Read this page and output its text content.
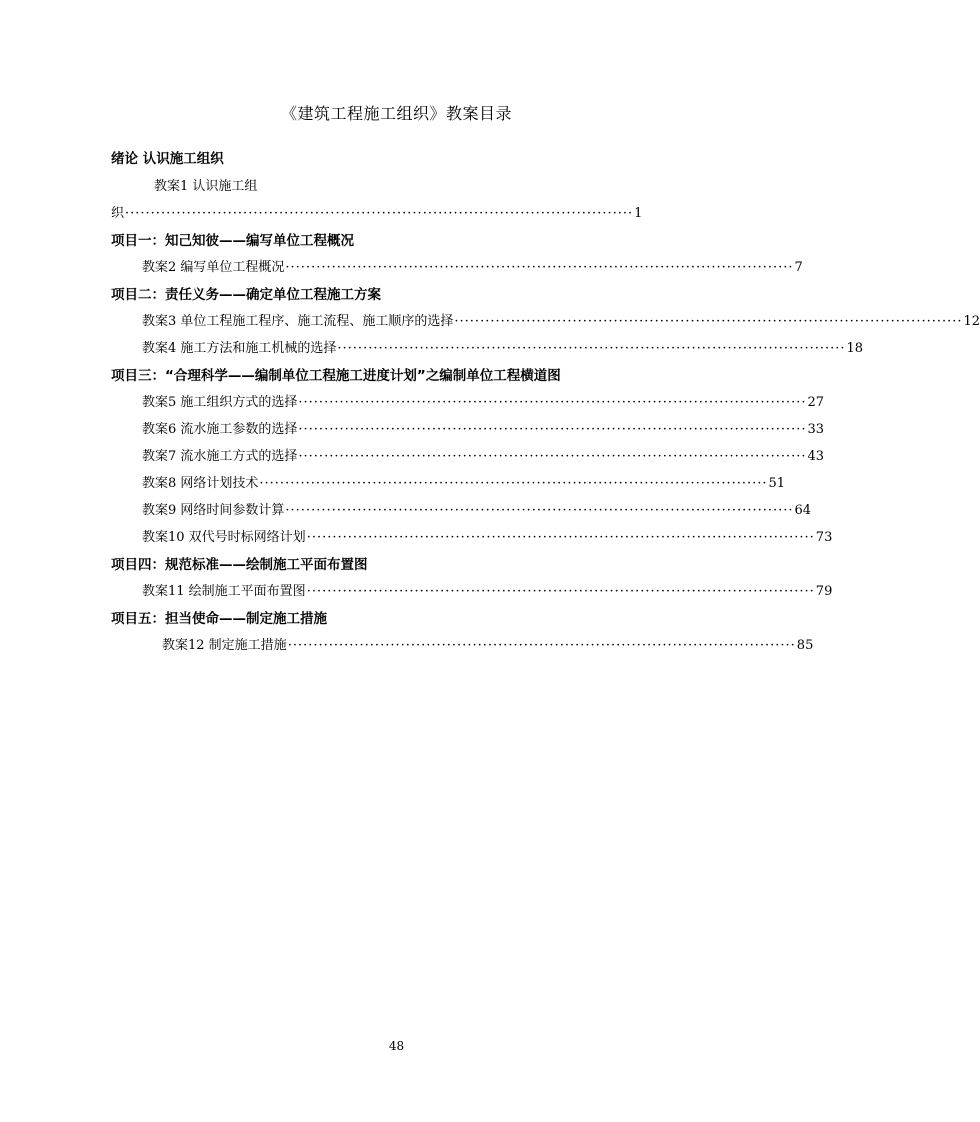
《建筑工程施工组织》教案目录
绪论 认识施工组织
教案1 认识施工组
织 ··································································································· 1
项目一：知己知彼——编写单位工程概况
教案2 编写单位工程概况 ··································································································· 7
项目二：责任义务——确定单位工程施工方案
教案3 单位工程施工程序、施工流程、施工顺序的选择 ··································································································· 12
教案4 施工方法和施工机械的选择 ··································································································· 18
项目三：“合理科学——编制单位工程施工进度计划”之编制单位工程横道图
教案5 施工组织方式的选择 ··································································································· 27
教案6 流水施工参数的选择 ··································································································· 33
教案7 流水施工方式的选择 ··································································································· 43
教案8 网络计划技术 ··································································································· 51
教案9 网络时间参数计算 ··································································································· 64
教案10 双代号时标网络计划 ··································································································· 73
项目四：规范标准——绘制施工平面布置图
教案11 绘制施工平面布置图 ··································································································· 79
项目五：担当使命——制定施工措施
教案12 制定施工措施 ··································································································· 85
48
